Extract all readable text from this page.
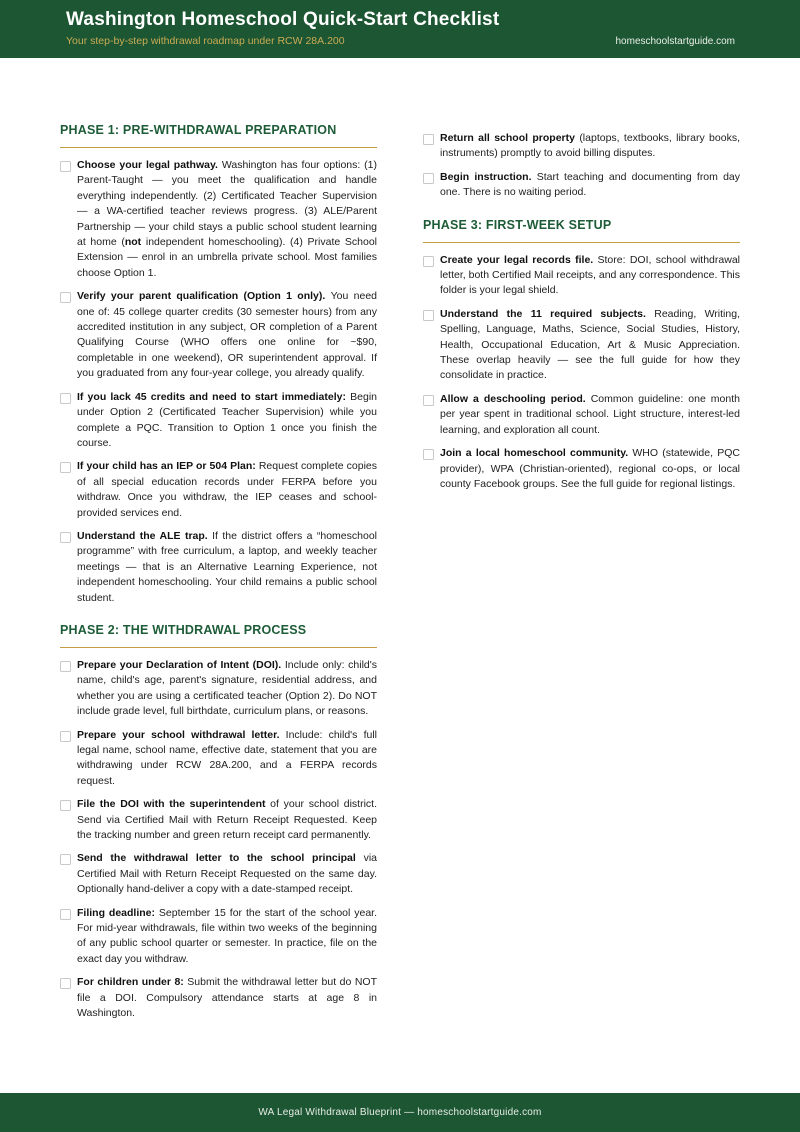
Washington Homeschool Quick-Start Checklist
Your step-by-step withdrawal roadmap under RCW 28A.200	homeschoolstartguide.com
PHASE 1: PRE-WITHDRAWAL PREPARATION
Choose your legal pathway. Washington has four options: (1) Parent-Taught — you meet the qualification and handle everything independently. (2) Certificated Teacher Supervision — a WA-certified teacher reviews progress. (3) ALE/Parent Partnership — your child stays a public school student learning at home (not independent homeschooling). (4) Private School Extension — enrol in an umbrella private school. Most families choose Option 1.
Verify your parent qualification (Option 1 only). You need one of: 45 college quarter credits (30 semester hours) from any accredited institution in any subject, OR completion of a Parent Qualifying Course (WHO offers one online for ~$90, completable in one weekend), OR superintendent approval. If you graduated from any four-year college, you already qualify.
If you lack 45 credits and need to start immediately: Begin under Option 2 (Certificated Teacher Supervision) while you complete a PQC. Transition to Option 1 once you finish the course.
If your child has an IEP or 504 Plan: Request complete copies of all special education records under FERPA before you withdraw. Once you withdraw, the IEP ceases and school-provided services end.
Understand the ALE trap. If the district offers a “homeschool programme” with free curriculum, a laptop, and weekly teacher meetings — that is an Alternative Learning Experience, not independent homeschooling. Your child remains a public school student.
PHASE 2: THE WITHDRAWAL PROCESS
Prepare your Declaration of Intent (DOI). Include only: child's name, child's age, parent's signature, residential address, and whether you are using a certificated teacher (Option 2). Do NOT include grade level, full birthdate, curriculum plans, or reasons.
Prepare your school withdrawal letter. Include: child's full legal name, school name, effective date, statement that you are withdrawing under RCW 28A.200, and a FERPA records request.
File the DOI with the superintendent of your school district. Send via Certified Mail with Return Receipt Requested. Keep the tracking number and green return receipt card permanently.
Send the withdrawal letter to the school principal via Certified Mail with Return Receipt Requested on the same day. Optionally hand-deliver a copy with a date-stamped receipt.
Filing deadline: September 15 for the start of the school year. For mid-year withdrawals, file within two weeks of the beginning of any public school quarter or semester. In practice, file on the exact day you withdraw.
For children under 8: Submit the withdrawal letter but do NOT file a DOI. Compulsory attendance starts at age 8 in Washington.
Return all school property (laptops, textbooks, library books, instruments) promptly to avoid billing disputes.
Begin instruction. Start teaching and documenting from day one. There is no waiting period.
PHASE 3: FIRST-WEEK SETUP
Create your legal records file. Store: DOI, school withdrawal letter, both Certified Mail receipts, and any correspondence. This folder is your legal shield.
Understand the 11 required subjects. Reading, Writing, Spelling, Language, Maths, Science, Social Studies, History, Health, Occupational Education, Art & Music Appreciation. These overlap heavily — see the full guide for how they consolidate in practice.
Allow a deschooling period. Common guideline: one month per year spent in traditional school. Light structure, interest-led learning, and exploration all count.
Join a local homeschool community. WHO (statewide, PQC provider), WPA (Christian-oriented), regional co-ops, or local county Facebook groups. See the full guide for regional listings.
WA Legal Withdrawal Blueprint — homeschoolstartguide.com
